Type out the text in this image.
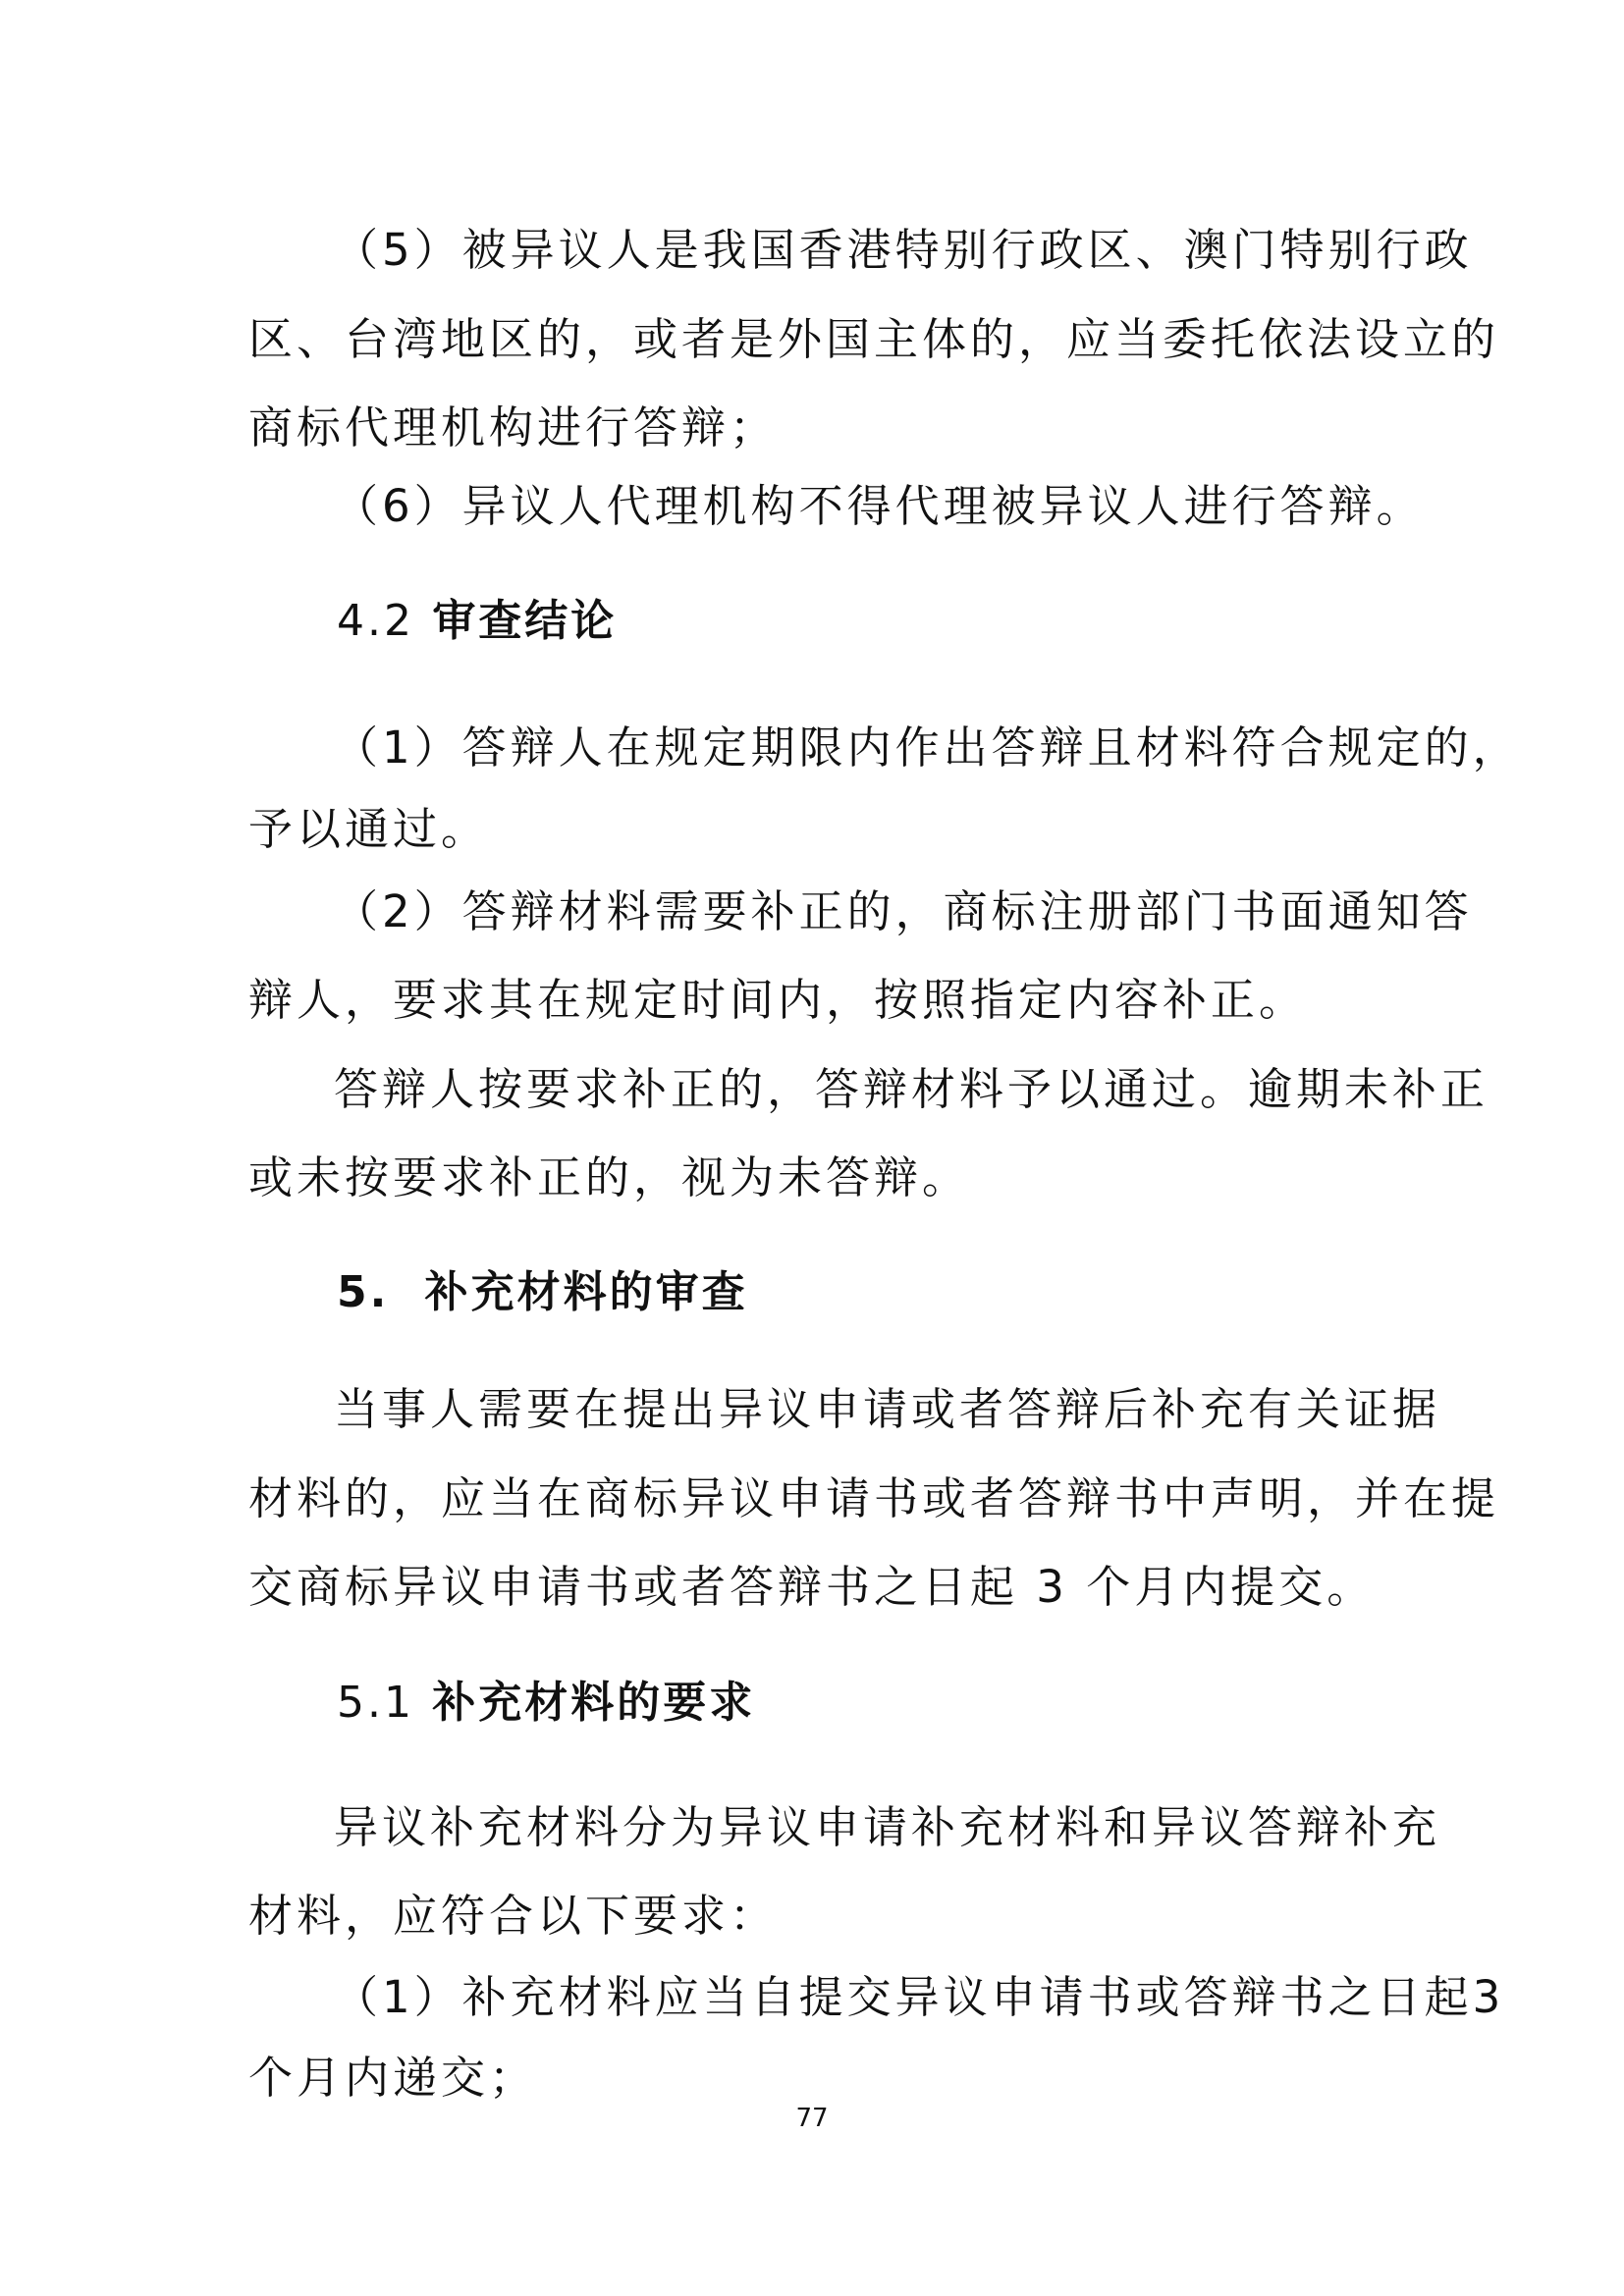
（5）被异议人是我国香港特别行政区、澳门特别行政
区、台湾地区的，或者是外国主体的，应当委托依法设立的
商标代理机构进行答辩；
（6）异议人代理机构不得代理被异议人进行答辩。
4.2 审查结论
（1）答辩人在规定期限内作出答辩且材料符合规定的，
予以通过。
（2）答辩材料需要补正的，商标注册部门书面通知答
辩人，要求其在规定时间内，按照指定内容补正。
答辩人按要求补正的，答辩材料予以通过。逾期未补正
或未按要求补正的，视为未答辩。
5. 补充材料的审查
当事人需要在提出异议申请或者答辩后补充有关证据
材料的，应当在商标异议申请书或者答辩书中声明，并在提
交商标异议申请书或者答辩书之日起 3 个月内提交。
5.1 补充材料的要求
异议补充材料分为异议申请补充材料和异议答辩补充
材料，应符合以下要求：
（1）补充材料应当自提交异议申请书或答辩书之日起3
个月内递交；
77
